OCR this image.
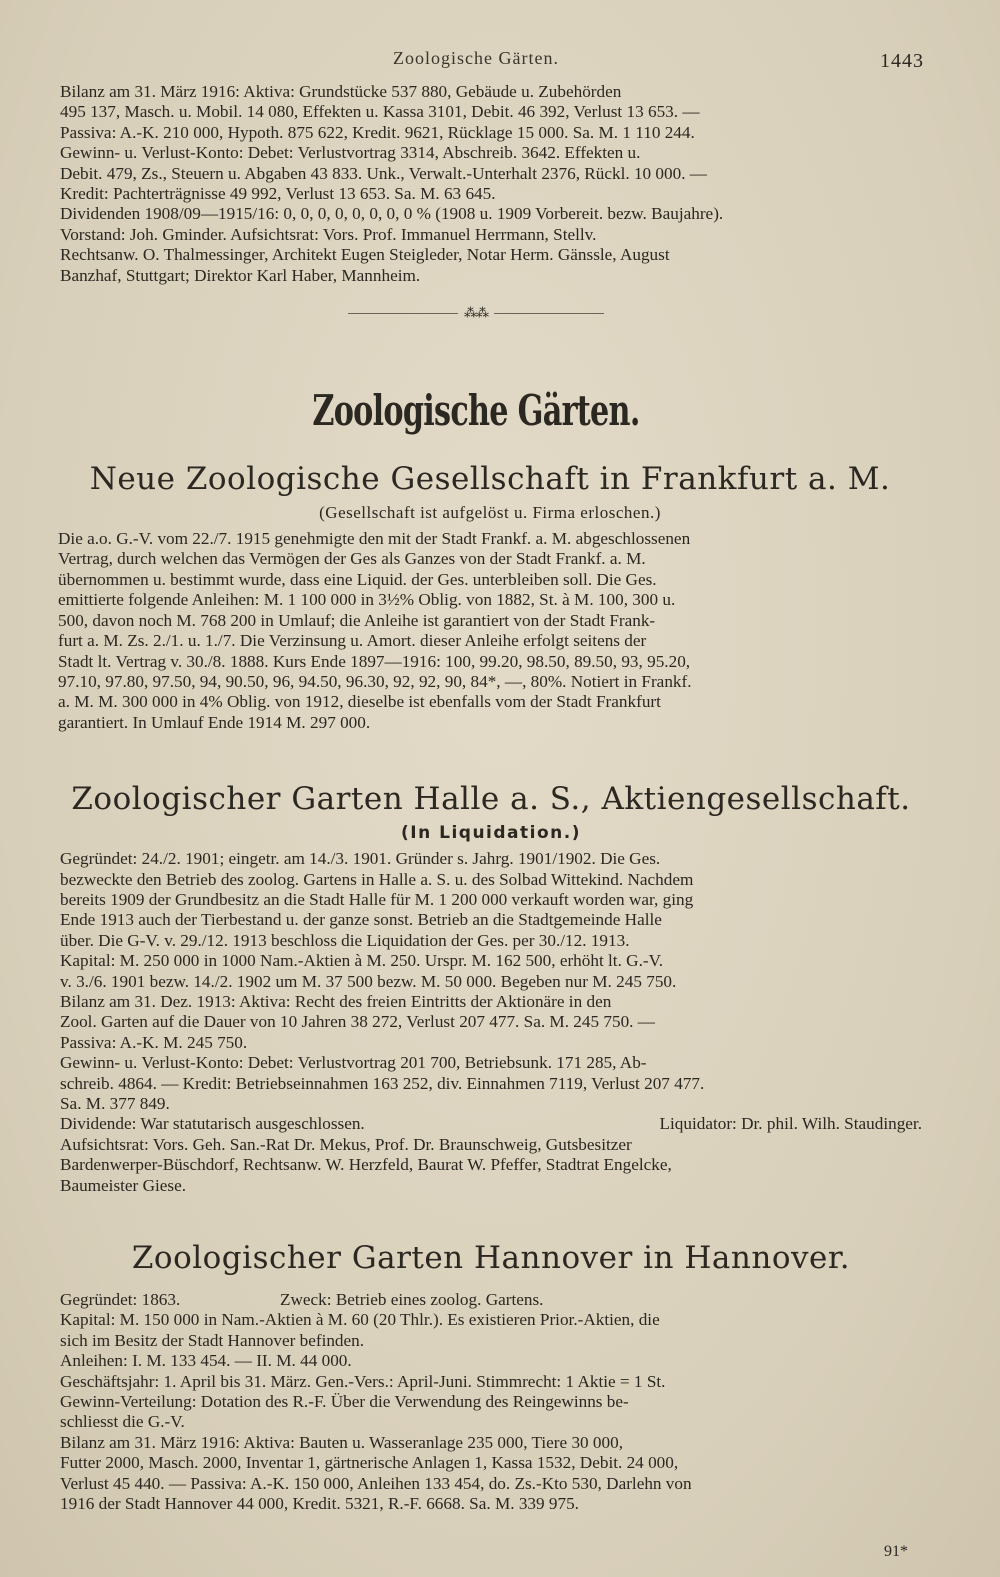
Zoologische Gärten.	1443

Bilanz am 31. März 1916: Aktiva: Grundstücke 537 880, Gebäude u. Zubehörden

495 137, Masch. u. Mobil. 14 080, Effekten u. Kassa 3101, Debit. 46 392, Verlust 13 653. —

Passiva: A.-K. 210 000, Hypoth. 875 622, Kredit. 9621, Rücklage 15 000. Sa. M. 1 110 244.

Gewinn- u. Verlust-Konto: Debet: Verlustvortrag 3314, Abschreib. 3642. Effekten u.

Debit. 479, Zs., Steuern u. Abgaben 43 833. Unk., Verwalt.-Unterhalt 2376, Rückl. 10 000. —

Kredit: Pachterträgnisse 49 992, Verlust 13 653. Sa. M. 63 645.

Dividenden 1908/09—1915/16: 0, 0, 0, 0, 0, 0, 0, 0 % (1908 u. 1909 Vorbereit. bezw. Baujahre).

Vorstand: Joh. Gminder. Aufsichtsrat: Vors. Prof. Immanuel Herrmann, Stellv.

Rechtsanw. O. Thalmessinger, Architekt Eugen Steigleder, Notar Herm. Gänssle, August

Banzhaf, Stuttgart; Direktor Karl Haber, Mannheim.

⁂⁂
Zoologische Gärten.
Neue Zoologische Gesellschaft in Frankfurt a. M.
(Gesellschaft ist aufgelöst u. Firma erloschen.)

Die a.o. G.-V. vom 22./7. 1915 genehmigte den mit der Stadt Frankf. a. M. abgeschlossenen

Vertrag, durch welchen das Vermögen der Ges als Ganzes von der Stadt Frankf. a. M.

übernommen u. bestimmt wurde, dass eine Liquid. der Ges. unterbleiben soll. Die Ges.

emittierte folgende Anleihen: M. 1 100 000 in 3½% Oblig. von 1882, St. à M. 100, 300 u.

500, davon noch M. 768 200 in Umlauf; die Anleihe ist garantiert von der Stadt Frank-

furt a. M. Zs. 2./1. u. 1./7. Die Verzinsung u. Amort. dieser Anleihe erfolgt seitens der

Stadt lt. Vertrag v. 30./8. 1888. Kurs Ende 1897—1916: 100, 99.20, 98.50, 89.50, 93, 95.20,

97.10, 97.80, 97.50, 94, 90.50, 96, 94.50, 96.30, 92, 92, 90, 84*, —, 80%. Notiert in Frankf.

a. M. M. 300 000 in 4% Oblig. von 1912, dieselbe ist ebenfalls vom der Stadt Frankfurt

garantiert. In Umlauf Ende 1914 M. 297 000.

Zoologischer Garten Halle a. S., Aktiengesellschaft.
(In Liquidation.)

Gegründet: 24./2. 1901; eingetr. am 14./3. 1901. Gründer s. Jahrg. 1901/1902. Die Ges.

bezweckte den Betrieb des zoolog. Gartens in Halle a. S. u. des Solbad Wittekind. Nachdem

bereits 1909 der Grundbesitz an die Stadt Halle für M. 1 200 000 verkauft worden war, ging

Ende 1913 auch der Tierbestand u. der ganze sonst. Betrieb an die Stadtgemeinde Halle

über. Die G-V. v. 29./12. 1913 beschloss die Liquidation der Ges. per 30./12. 1913.

Kapital: M. 250 000 in 1000 Nam.-Aktien à M. 250. Urspr. M. 162 500, erhöht lt. G.-V.

v. 3./6. 1901 bezw. 14./2. 1902 um M. 37 500 bezw. M. 50 000. Begeben nur M. 245 750.

Bilanz am 31. Dez. 1913: Aktiva: Recht des freien Eintritts der Aktionäre in den

Zool. Garten auf die Dauer von 10 Jahren 38 272, Verlust 207 477. Sa. M. 245 750. —

Passiva: A.-K. M. 245 750.

Gewinn- u. Verlust-Konto: Debet: Verlustvortrag 201 700, Betriebsunk. 171 285, Ab-

schreib. 4864. — Kredit: Betriebseinnahmen 163 252, div. Einnahmen 7119, Verlust 207 477.

Sa. M. 377 849.

Dividende: War statutarisch ausgeschlossen.	Liquidator: Dr. phil. Wilh. Staudinger.

Aufsichtsrat: Vors. Geh. San.-Rat Dr. Mekus, Prof. Dr. Braunschweig, Gutsbesitzer

Bardenwerper-Büschdorf, Rechtsanw. W. Herzfeld, Baurat W. Pfeffer, Stadtrat Engelcke,

Baumeister Giese.

Zoologischer Garten Hannover in Hannover.

Gegründet: 1863.	Zweck: Betrieb eines zoolog. Gartens.

Kapital: M. 150 000 in Nam.-Aktien à M. 60 (20 Thlr.). Es existieren Prior.-Aktien, die

sich im Besitz der Stadt Hannover befinden.

Anleihen: I. M. 133 454. — II. M. 44 000.

Geschäftsjahr: 1. April bis 31. März. Gen.-Vers.: April-Juni. Stimmrecht: 1 Aktie = 1 St.

Gewinn-Verteilung: Dotation des R.-F. Über die Verwendung des Reingewinns be-

schliesst die G.-V.

Bilanz am 31. März 1916: Aktiva: Bauten u. Wasseranlage 235 000, Tiere 30 000,

Futter 2000, Masch. 2000, Inventar 1, gärtnerische Anlagen 1, Kassa 1532, Debit. 24 000,

Verlust 45 440. — Passiva: A.-K. 150 000, Anleihen 133 454, do. Zs.-Kto 530, Darlehn von

1916 der Stadt Hannover 44 000, Kredit. 5321, R.-F. 6668. Sa. M. 339 975.

91*
